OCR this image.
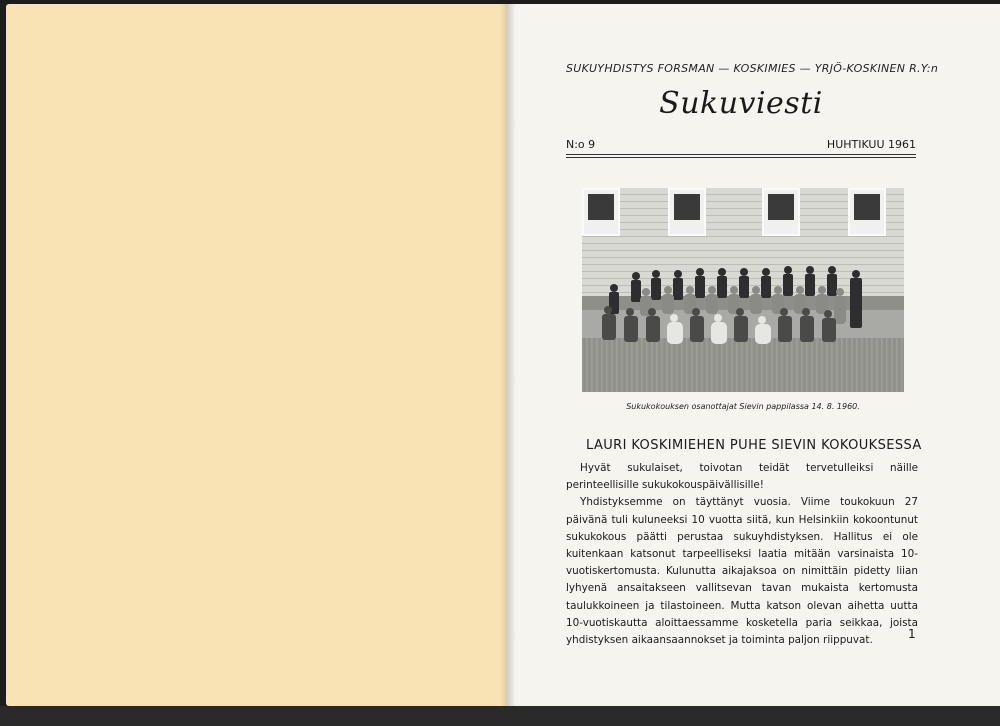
SUKUYHDISTYS FORSMAN — KOSKIMIES — YRJÖ-KOSKINEN R.Y:n
Sukuviesti
N:o 9	HUHTIKUU 1961
Sukukokouksen osanottajat Sievin pappilassa 14. 8. 1960.
LAURI KOSKIMIEHEN PUHE SIEVIN KOKOUKSESSA

Hyvät sukulaiset, toivotan teidät tervetulleiksi näille perinteellisille sukukokouspäivällisille!

Yhdistyksemme on täyttänyt vuosia. Viime toukokuun 27 päivänä tuli kuluneeksi 10 vuotta siitä, kun Helsinkiin kokoontunut sukukokous päätti perustaa sukuyhdistyksen. Hallitus ei ole kuitenkaan katsonut tarpeelliseksi laatia mitään varsinaista 10-vuotiskertomusta. Kulunutta aikajaksoa on nimittäin pidetty liian lyhyenä ansaitakseen vallitsevan tavan mukaista kertomusta taulukkoineen ja tilastoineen. Mutta katson olevan aihetta uutta 10-vuotiskautta aloittaessamme kosketella paria seikkaa, joista yhdistyksen aikaansaannokset ja toiminta paljon riippuvat.	1
